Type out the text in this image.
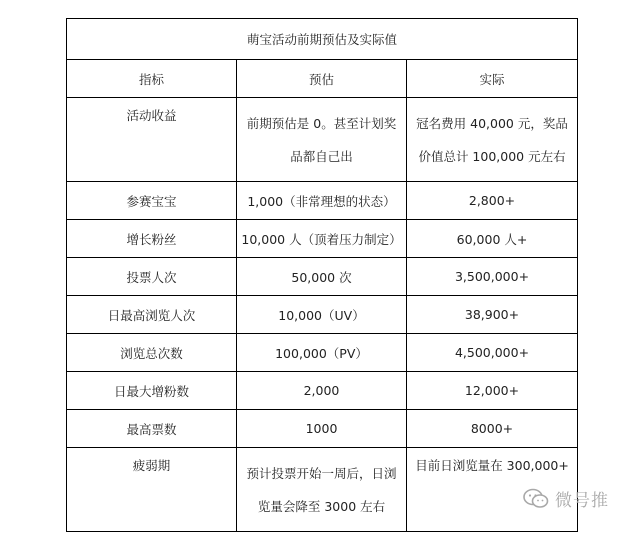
萌宝活动前期预估及实际值		
指标	预估	实际
活动收益	前期预估是 0。甚至计划奖品都自己出	冠名费用 40,000 元，奖品价值总计 100,000 元左右
参赛宝宝	1,000（非常理想的状态）	2,800+
增长粉丝	10,000 人（顶着压力制定）	60,000 人+
投票人次	50,000 次	3,500,000+
日最高浏览人次	10,000（UV）	38,900+
浏览总次数	100,000（PV）	4,500,000+
日最大增粉数	2,000	12,000+
最高票数	1000	8000+
疲弱期	预计投票开始一周后，日浏览量会降至 3000 左右	目前日浏览量在 300,000+
微号推
